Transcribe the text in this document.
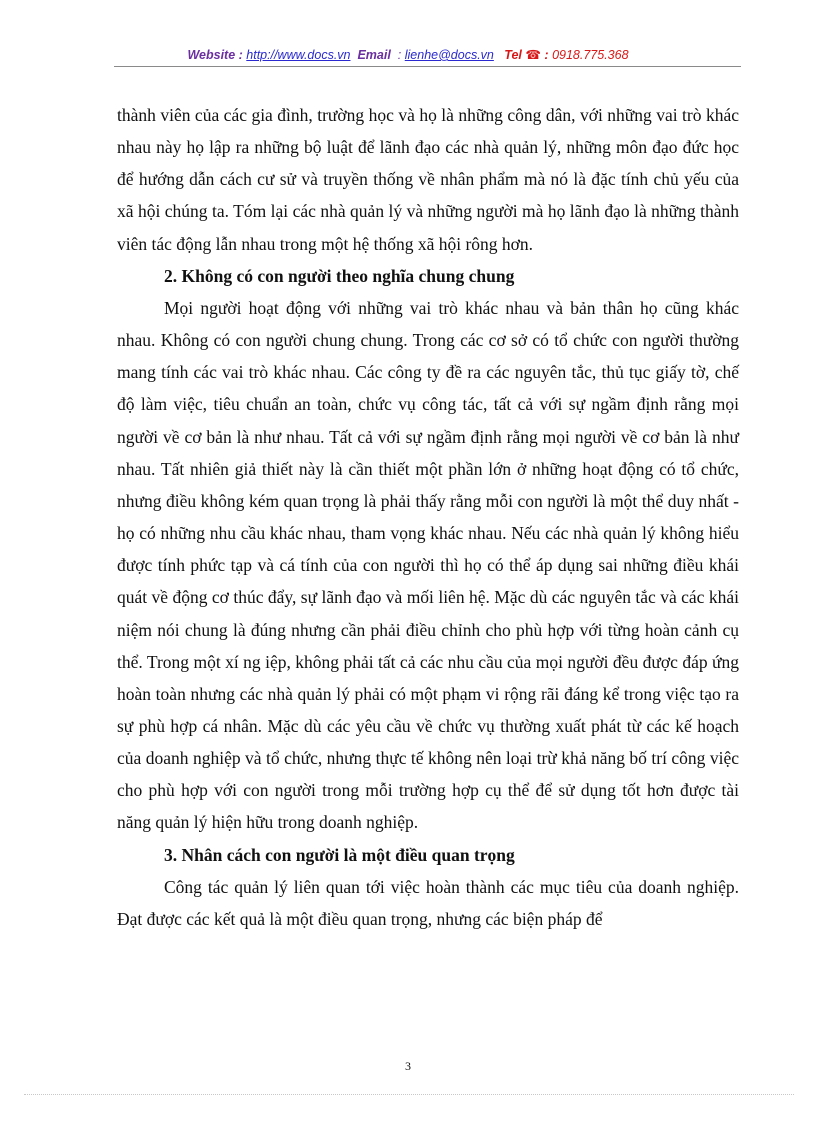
Website : http://www.docs.vn Email : lienhe@docs.vn Tel ☎ : 0918.775.368

thành viên của các gia đình, trường học và họ là những công dân, với những vai trò khác nhau này họ lập ra những bộ luật để lãnh đạo các nhà quản lý, những môn đạo đức học để hướng dẫn cách cư sử và truyền thống về nhân phẩm mà nó là đặc tính chủ yếu của xã hội chúng ta. Tóm lại các nhà quản lý và những người mà họ lãnh đạo là những thành viên tác động lẫn nhau trong một hệ thống xã hội rông hơn.

2. Không có con người theo nghĩa chung chung

Mọi người hoạt động với những vai trò khác nhau và bản thân họ cũng khác nhau. Không có con người chung chung. Trong các cơ sở có tổ chức con người thường mang tính các vai trò khác nhau. Các công ty đề ra các nguyên tắc, thủ tục giấy tờ, chế độ làm việc, tiêu chuẩn an toàn, chức vụ công tác, tất cả với sự ngầm định rằng mọi người về cơ bản là như nhau. Tất cả với sự ngầm định rằng mọi người về cơ bản là như nhau. Tất nhiên giả thiết này là cần thiết một phần lớn ở những hoạt động có tổ chức, nhưng điều không kém quan trọng là phải thấy rằng mỗi con người là một thể duy nhất - họ có những nhu cầu khác nhau, tham vọng khác nhau. Nếu các nhà quản lý không hiểu được tính phức tạp và cá tính của con người thì họ có thể áp dụng sai những điều khái quát về động cơ thúc đẩy, sự lãnh đạo và mối liên hệ. Mặc dù các nguyên tắc và các khái niệm nói chung là đúng nhưng cần phải điều chỉnh cho phù hợp với từng hoàn cảnh cụ thể. Trong một xí ng iệp, không phải tất cả các nhu cầu của mọi người đều được đáp ứng hoàn toàn nhưng các nhà quản lý phải có một phạm vi rộng rãi đáng kể trong việc tạo ra sự phù hợp cá nhân. Mặc dù các yêu cầu về chức vụ thường xuất phát từ các kế hoạch của doanh nghiệp và tổ chức, nhưng thực tế không nên loại trừ khả năng bố trí công việc cho phù hợp với con người trong mỗi trường hợp cụ thể để sử dụng tốt hơn được tài năng quản lý hiện hữu trong doanh nghiệp.

3. Nhân cách con người là một điều quan trọng

Công tác quản lý liên quan tới việc hoàn thành các mục tiêu của doanh nghiệp. Đạt được các kết quả là một điều quan trọng, nhưng các biện pháp để

3
